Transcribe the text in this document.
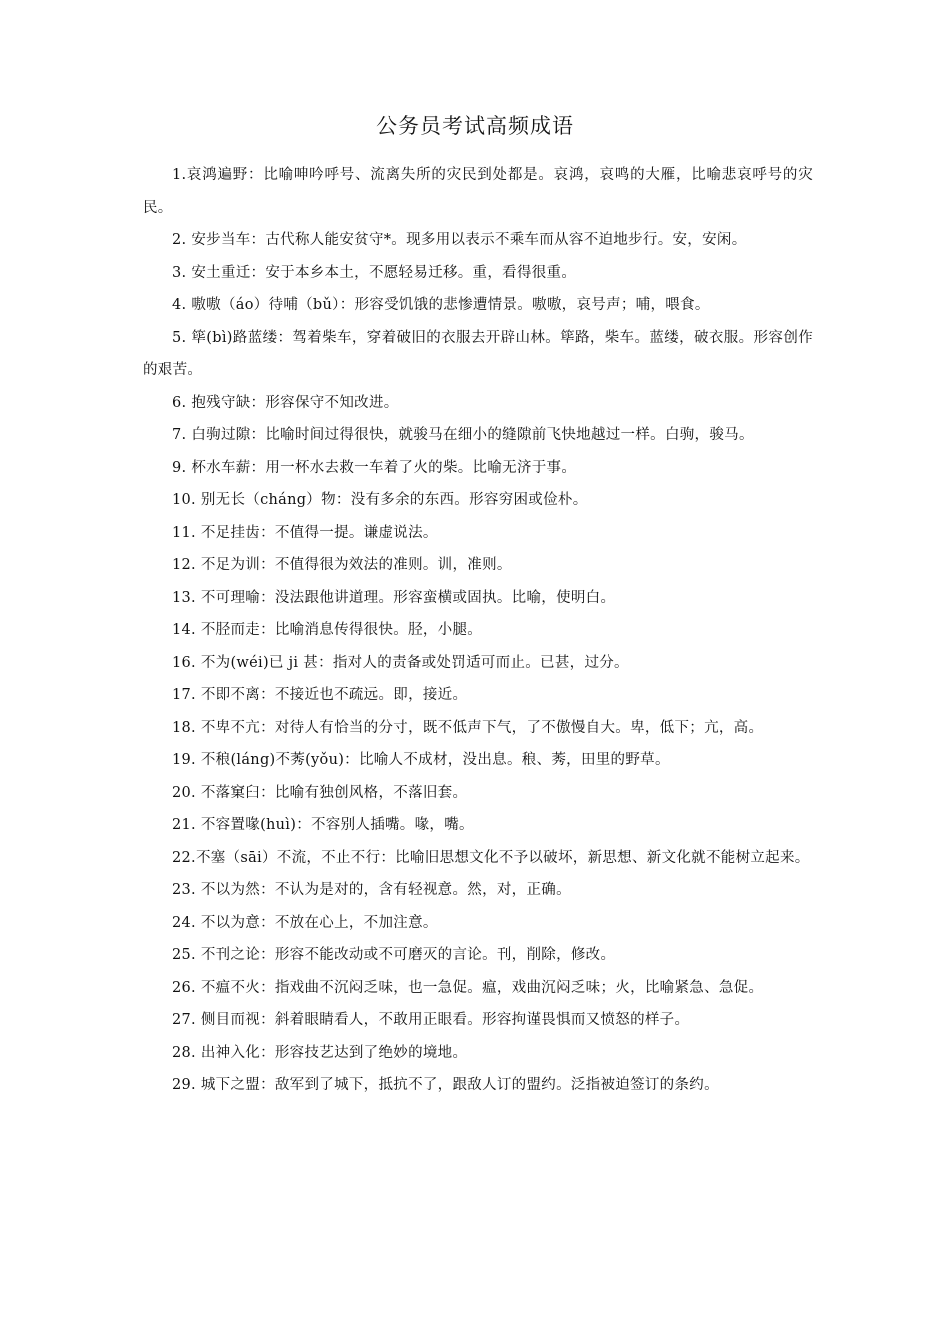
公务员考试高频成语
1.哀鸿遍野：比喻呻吟呼号、流离失所的灾民到处都是。哀鸿，哀鸣的大雁，比喻悲哀呼号的灾民。
2. 安步当车：古代称人能安贫守*。现多用以表示不乘车而从容不迫地步行。安，安闲。
3. 安土重迁：安于本乡本土，不愿轻易迁移。重，看得很重。
4. 嗷嗷（áo）待哺（bǔ）：形容受饥饿的悲惨遭情景。嗷嗷，哀号声；哺，喂食。
5. 筚(bì)路蓝缕：驾着柴车，穿着破旧的衣服去开辟山林。筚路，柴车。蓝缕，破衣服。形容创作的艰苦。
6. 抱残守缺：形容保守不知改进。
7. 白驹过隙：比喻时间过得很快，就骏马在细小的缝隙前飞快地越过一样。白驹，骏马。
9. 杯水车薪：用一杯水去救一车着了火的柴。比喻无济于事。
10. 别无长（cháng）物：没有多余的东西。形容穷困或俭朴。
11. 不足挂齿：不值得一提。谦虚说法。
12. 不足为训：不值得很为效法的准则。训，准则。
13. 不可理喻：没法跟他讲道理。形容蛮横或固执。比喻，使明白。
14. 不胫而走：比喻消息传得很快。胫，小腿。
16. 不为(wéi)已 ji 甚：指对人的责备或处罚适可而止。已甚，过分。
17. 不即不离：不接近也不疏远。即，接近。
18. 不卑不亢：对待人有恰当的分寸，既不低声下气，了不傲慢自大。卑，低下；亢，高。
19. 不稂(láng)不莠(yǒu)：比喻人不成材，没出息。稂、莠，田里的野草。
20. 不落窠臼：比喻有独创风格，不落旧套。
21. 不容置喙(huì)：不容别人插嘴。喙，嘴。
22.不塞（sāi）不流，不止不行：比喻旧思想文化不予以破坏，新思想、新文化就不能树立起来。
23. 不以为然：不认为是对的，含有轻视意。然，对，正确。
24. 不以为意：不放在心上，不加注意。
25. 不刊之论：形容不能改动或不可磨灭的言论。刊，削除，修改。
26. 不瘟不火：指戏曲不沉闷乏味，也一急促。瘟，戏曲沉闷乏味；火，比喻紧急、急促。
27. 侧目而视：斜着眼睛看人，不敢用正眼看。形容拘谨畏惧而又愤怒的样子。
28. 出神入化：形容技艺达到了绝妙的境地。
29. 城下之盟：敌军到了城下，抵抗不了，跟敌人订的盟约。泛指被迫签订的条约。
